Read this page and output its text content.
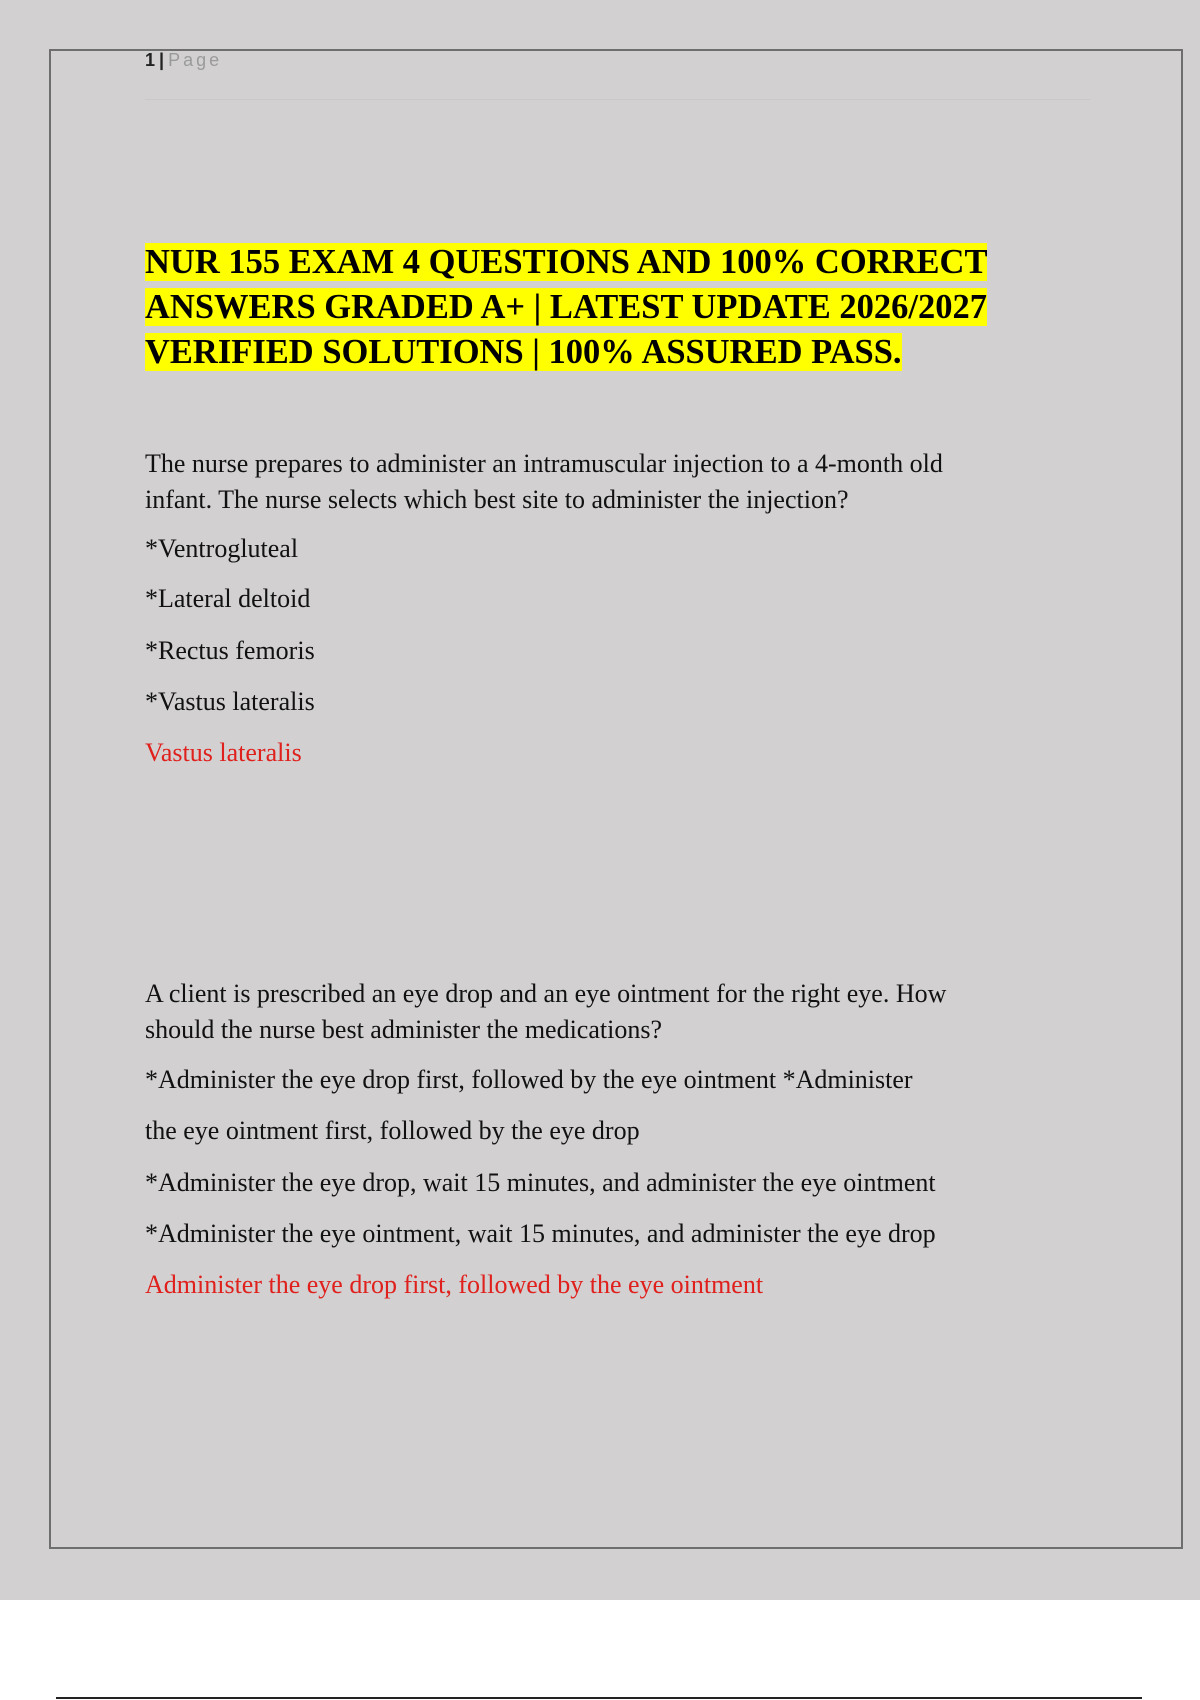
1 | Page
NUR 155 EXAM 4 QUESTIONS AND 100% CORRECT
ANSWERS GRADED A+ | LATEST UPDATE 2026/2027
VERIFIED SOLUTIONS | 100% ASSURED PASS.
The nurse prepares to administer an intramuscular injection to a 4-month old
infant. The nurse selects which best site to administer the injection?
*Ventrogluteal
*Lateral deltoid
*Rectus femoris
*Vastus lateralis
Vastus lateralis
A client is prescribed an eye drop and an eye ointment for the right eye. How
should the nurse best administer the medications?
*Administer the eye drop first, followed by the eye ointment *Administer
the eye ointment first, followed by the eye drop
*Administer the eye drop, wait 15 minutes, and administer the eye ointment
*Administer the eye ointment, wait 15 minutes, and administer the eye drop
Administer the eye drop first, followed by the eye ointment
